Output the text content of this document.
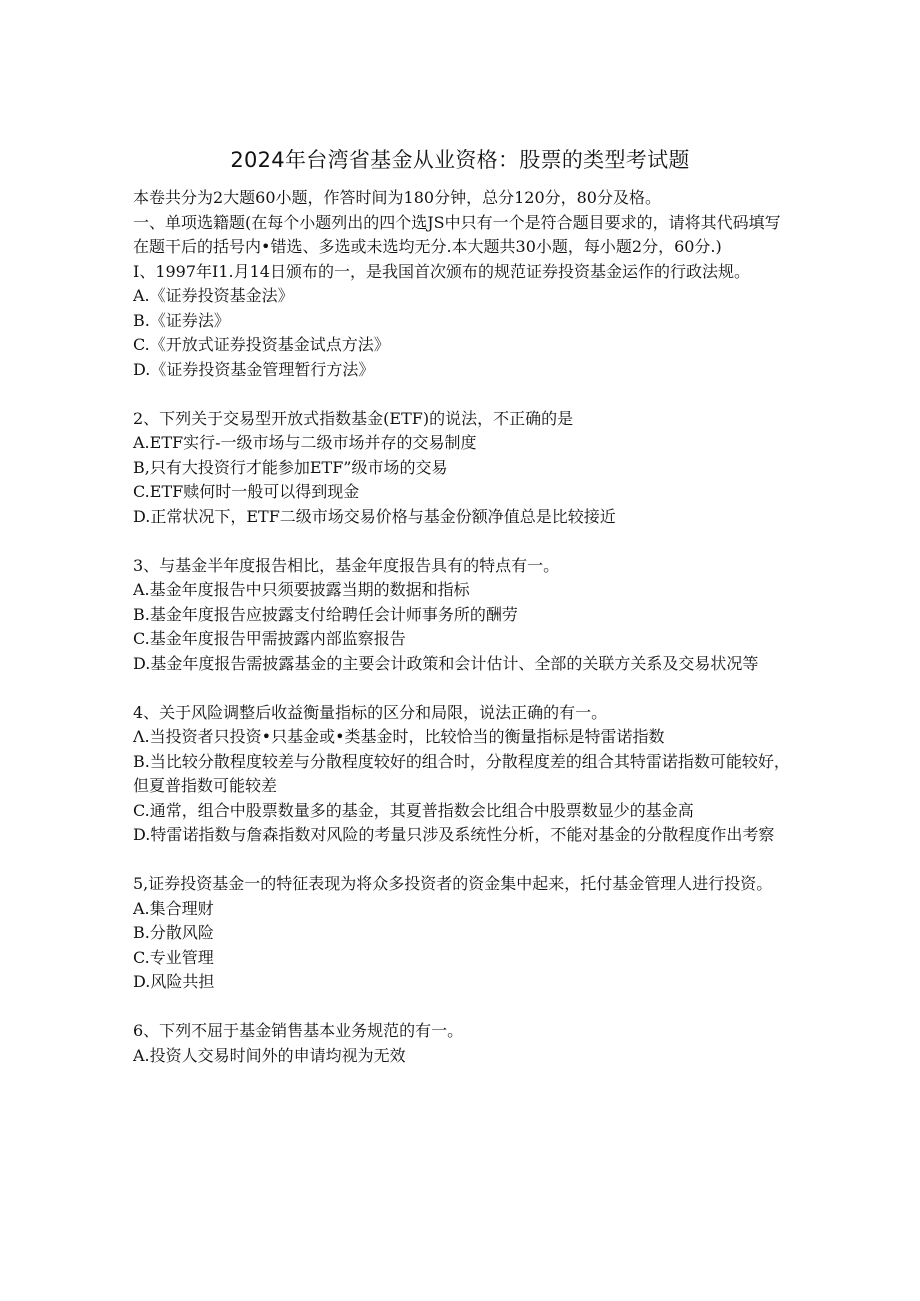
2024年台湾省基金从业资格：股票的类型考试题

本卷共分为2大题60小题，作答时间为180分钟，总分120分，80分及格。

一、单项选籍题(在每个小题列出的四个选JS中只有一个是符合题目要求的，请将其代码填写在题干后的括号内•错选、多选或未选均无分.本大题共30小题，每小题2分，60分.)

I、1997年I1.月14日颁布的一，是我国首次颁布的规范证券投资基金运作的行政法规。

A.《证券投资基金法》

B.《证券法》

C.《开放式证券投资基金试点方法》

D.《证券投资基金管理暂行方法》

2、下列关于交易型开放式指数基金(ETF)的说法，不正确的是

A.ETF实行-一级市场与二级市场并存的交易制度

B,只有大投资行才能参加ETF”级市场的交易

C.ETF赎何时一般可以得到现金

D.正常状况下，ETF二级市场交易价格与基金份额净值总是比较接近

3、与基金半年度报告相比，基金年度报告具有的特点有一。

A.基金年度报告中只须要披露当期的数据和指标

B.基金年度报告应披露支付给聘任会计师事务所的酬劳

C.基金年度报告甲需披露内部监察报告

D.基金年度报告需披露基金的主要会计政策和会计估计、全部的关联方关系及交易状况等

4、关于风险调整后收益衡量指标的区分和局限，说法正确的有一。

Λ.当投资者只投资•只基金或•类基金时，比较恰当的衡量指标是特雷诺指数

B.当比较分散程度较差与分散程度较好的组合时，分散程度差的组合其特雷诺指数可能较好，但夏普指数可能较差

C.通常，组合中股票数量多的基金，其夏普指数会比组合中股票数显少的基金高

D.特雷诺指数与詹森指数对风险的考量只涉及系统性分析，不能对基金的分散程度作出考察

5,证券投资基金一的特征表现为将众多投资者的资金集中起来，托付基金管理人进行投资。

A.集合理财

B.分散风险

C.专业管理

D.风险共担

6、下列不屈于基金销售基本业务规范的有一。

A.投资人交易时间外的申请均视为无效
